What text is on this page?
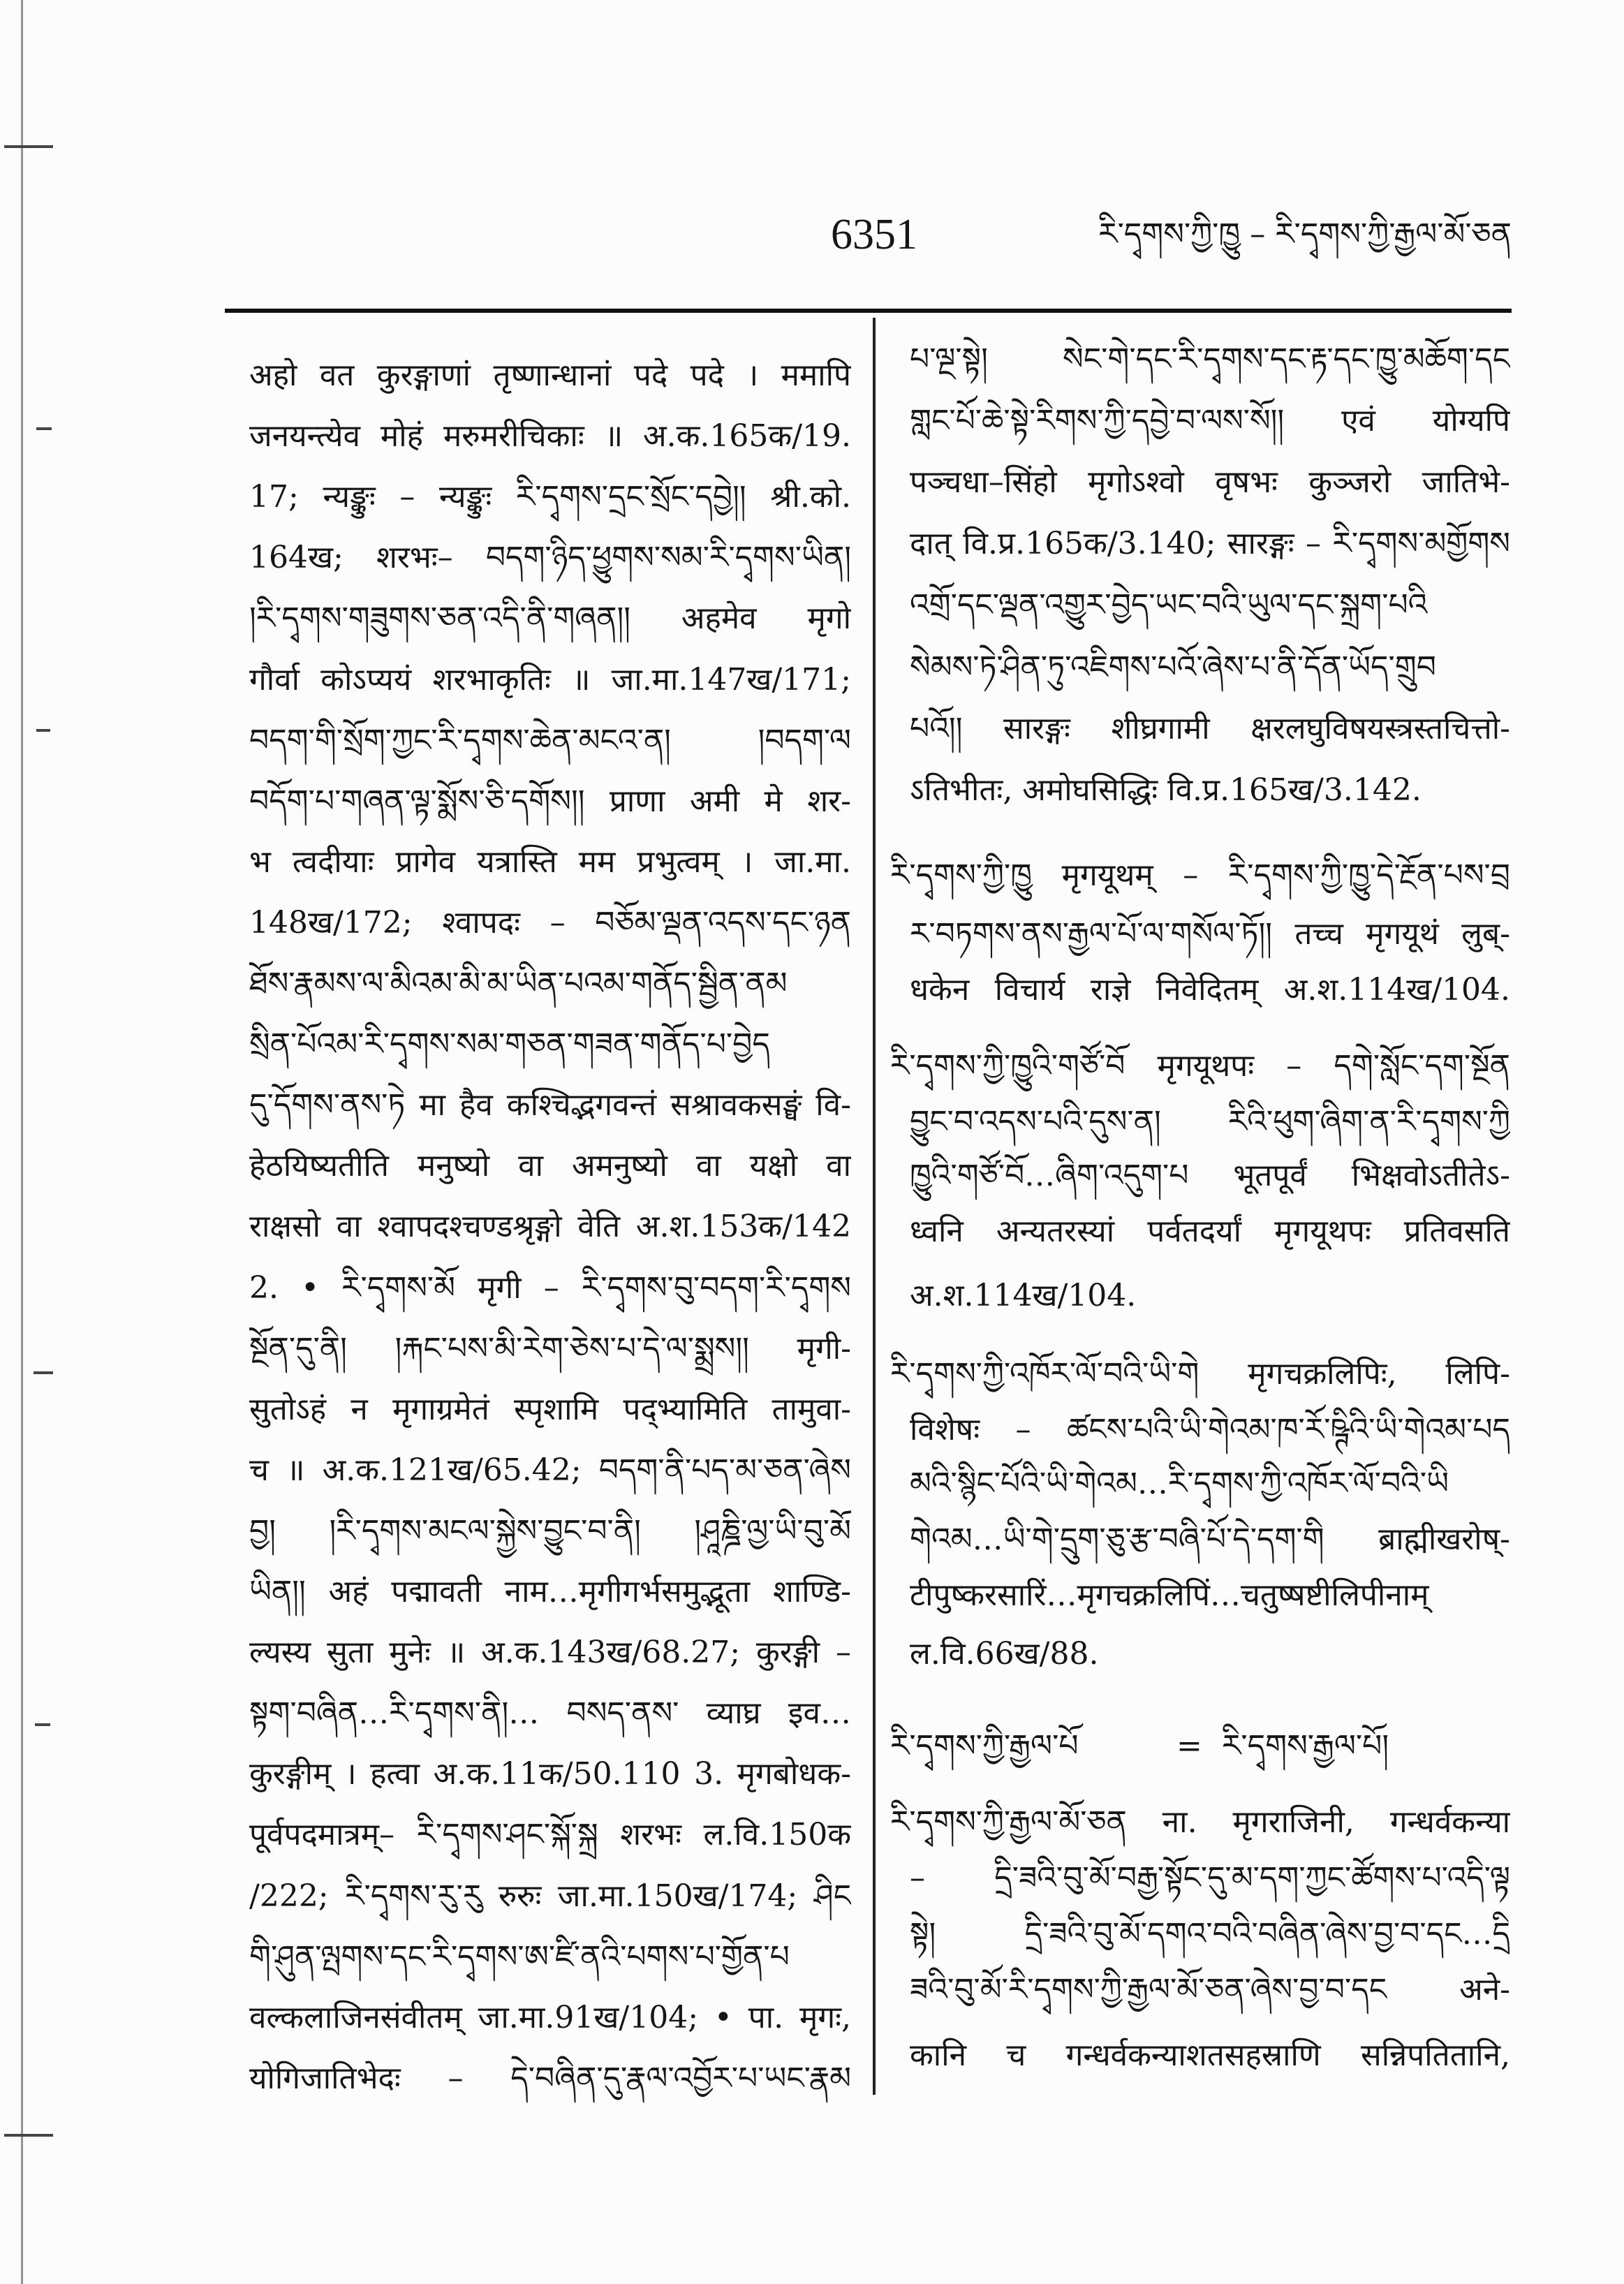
6351	རི་དྭགས་ཀྱི་ཁྱུ – རི་དྭགས་ཀྱི་རྒྱལ་མོ་ཅན
अहो वत कुरङ्गाणां तृष्णान्धानां पदे पदे । ममापि
जनयन्त्येव मोहं मरुमरीचिकाः ॥ अ.क.165क/19.
17; न्यङ्कुः – न्यङ्कुः རི་དྭགས་དྲང་སྲོང་དབྱེ།། श्री.को.
164ख; शरभः– བདག་ཉིད་ཕྱུགས་སམ་རི་དྭགས་ཡིན།
།རི་དྭགས་གཟུགས་ཅན་འདི་ནི་གཞན།། अहमेव मृगो
गौर्वा कोऽप्ययं शरभाकृतिः ॥ जा.मा.147ख/171;
བདག་གི་སྲོག་ཀྱང་རི་དྭགས་ཆེན་མངའ་ན། །བདག་ལ
བདོག་པ་གཞན་ལྟ་སྨོས་ཅི་དགོས།། प्राणा अमी मे शर-
भ त्वदीयाः प्रागेव यत्रास्ति मम प्रभुत्वम् । जा.मा.
148ख/172; श्वापदः – བཅོམ་ལྡན་འདས་དང་ཉན
ཐོས་རྣམས་ལ་མིའམ་མི་མ་ཡིན་པའམ་གནོད་སྦྱིན་ནམ
སྲིན་པོའམ་རི་དྭགས་སམ་གཅན་གཟན་གནོད་པ་བྱེད
དུ་དོགས་ནས་ཏེ मा हैव कश्चिद्भगवन्तं सश्रावकसङ्घं वि-
हेठयिष्यतीति मनुष्यो वा अमनुष्यो वा यक्षो वा
राक्षसो वा श्वापदश्चण्डश्रृङ्गो वेति अ.श.153क/142
2. • རི་དྭགས་མོ मृगी – རི་དྭགས་བུ་བདག་རི་དྭགས
སྔོན་དུ་ནི། །རྐང་པས་མི་རེག་ཅེས་པ་དེ་ལ་སྨྲས།། मृगी-
सुतोऽहं न मृगाग्रमेतं स्पृशामि पद्भ्यामिति तामुवा-
च ॥ अ.क.121ख/65.42; བདག་ནི་པད་མ་ཅན་ཞེས
བྱ། །རི་དྭགས་མངལ་སྐྱེས་བྱུང་བ་ནི། །ཤཱཎྜི་ལྱ་ཡི་བུ་མོ
ཡིན།། अहं पद्मावती नाम…मृगीगर्भसमुद्भूता शाण्डि-
ल्यस्य सुता मुनेः ॥ अ.क.143ख/68.27; कुरङ्गी –
སྟག་བཞིན…རི་དྭགས་ནི།… བསད་ནས་ व्याघ्र इव…
कुरङ्गीम् । हत्वा अ.क.11क/50.110 3. मृगबोधक-
पूर्वपदमात्रम्– རི་དྭགས་ཤང་སྐོ་སྐྲ शरभः ल.वि.150क
/222; རི་དྭགས་རུ་རུ रुरुः जा.मा.150ख/174; ཤིང
གི་ཤུན་ལྤགས་དང་རི་དྭགས་ཨ་ཛི་ནའི་པགས་པ་གྱོན་པ
वल्कलाजिनसंवीतम् जा.मा.91ख/104; • पा. मृगः,
योगिजातिभेदः – དེ་བཞིན་དུ་རྣལ་འབྱོར་པ་ཡང་རྣམ
པ་ལྔ་སྟེ། སེང་གེ་དང་རི་དྭགས་དང་རྟ་དང་ཁྱུ་མཆོག་དང
གླང་པོ་ཆེ་སྟེ་རིགས་ཀྱི་དབྱེ་བ་ལས་སོ།། एवं योग्यपि
पञ्चधा–सिंहो मृगोऽश्वो वृषभः कुञ्जरो जातिभे-
दात् वि.प्र.165क/3.140; सारङ्गः – རི་དྭགས་མགྱོགས
འགྲོ་དང་ལྡན་འགྱུར་བྱེད་ཡང་བའི་ཡུལ་དང་སྐྲག་པའི
སེམས་ཏེ་ཤིན་ཏུ་འཇིགས་པའོ་ཞེས་པ་ནི་དོན་ཡོད་གྲུབ
པའོ།། सारङ्गः शीघ्रगामी क्षरलघुविषयस्त्रस्तचित्तो-
ऽतिभीतः, अमोघसिद्धिः वि.प्र.165ख/3.142.
རི་དྭགས་ཀྱི་ཁྱུ मृगयूथम् – རི་དྭགས་ཀྱི་ཁྱུ་དེ་རྔོན་པས་བྲ
ར་བཏགས་ནས་རྒྱལ་པོ་ལ་གསོལ་ཏོ།། तच्च मृगयूथं लुब्-
धकेन विचार्य राज्ञे निवेदितम् अ.श.114ख/104.
རི་དྭགས་ཀྱི་ཁྱུའི་གཙོ་བོ मृगयूथपः – དགེ་སློང་དག་སྔོན
བྱུང་བ་འདས་པའི་དུས་ན། རིའི་ཕུག་ཞིག་ན་རི་དྭགས་ཀྱི
ཁྱུའི་གཙོ་བོ…ཞིག་འདུག་པ भूतपूर्वं भिक्षवोऽतीतेऽ-
ध्वनि अन्यतरस्यां पर्वतदर्यां मृगयूथपः प्रतिवसति
अ.श.114ख/104.
རི་དྭགས་ཀྱི་འཁོར་ལོ་བའི་ཡི་གེ मृगचक्रलिपिः, लिपि-
विशेषः – ཚངས་པའི་ཡི་གེའམ་ཁ་རོ་ཥྚིའི་ཡི་གེའམ་པད
མའི་སྙིང་པོའི་ཡི་གེའམ…རི་དྭགས་ཀྱི་འཁོར་ལོ་བའི་ཡི
གེའམ…ཡི་གེ་དྲུག་ཅུ་རྩ་བཞི་པོ་དེ་དག་གི ब्राह्मीखरोष्-
टीपुष्करसारिं…मृगचक्रलिपिं…चतुष्षष्टीलिपीनाम्
ल.वि.66ख/88.
རི་དྭགས་ཀྱི་རྒྱལ་པོ	= རི་དྭགས་རྒྱལ་པོ།
རི་དྭགས་ཀྱི་རྒྱལ་མོ་ཅན ना. मृगराजिनी, गन्धर्वकन्या
– དྲི་ཟའི་བུ་མོ་བརྒྱ་སྟོང་དུ་མ་དག་ཀྱང་ཚོགས་པ་འདི་ལྟ
སྟེ། དྲི་ཟའི་བུ་མོ་དགའ་བའི་བཞིན་ཞེས་བྱ་བ་དང…དྲི
ཟའི་བུ་མོ་རི་དྭགས་ཀྱི་རྒྱལ་མོ་ཅན་ཞེས་བྱ་བ་དང अने-
कानि च गन्धर्वकन्याशतसहस्राणि सन्निपतितानि,
